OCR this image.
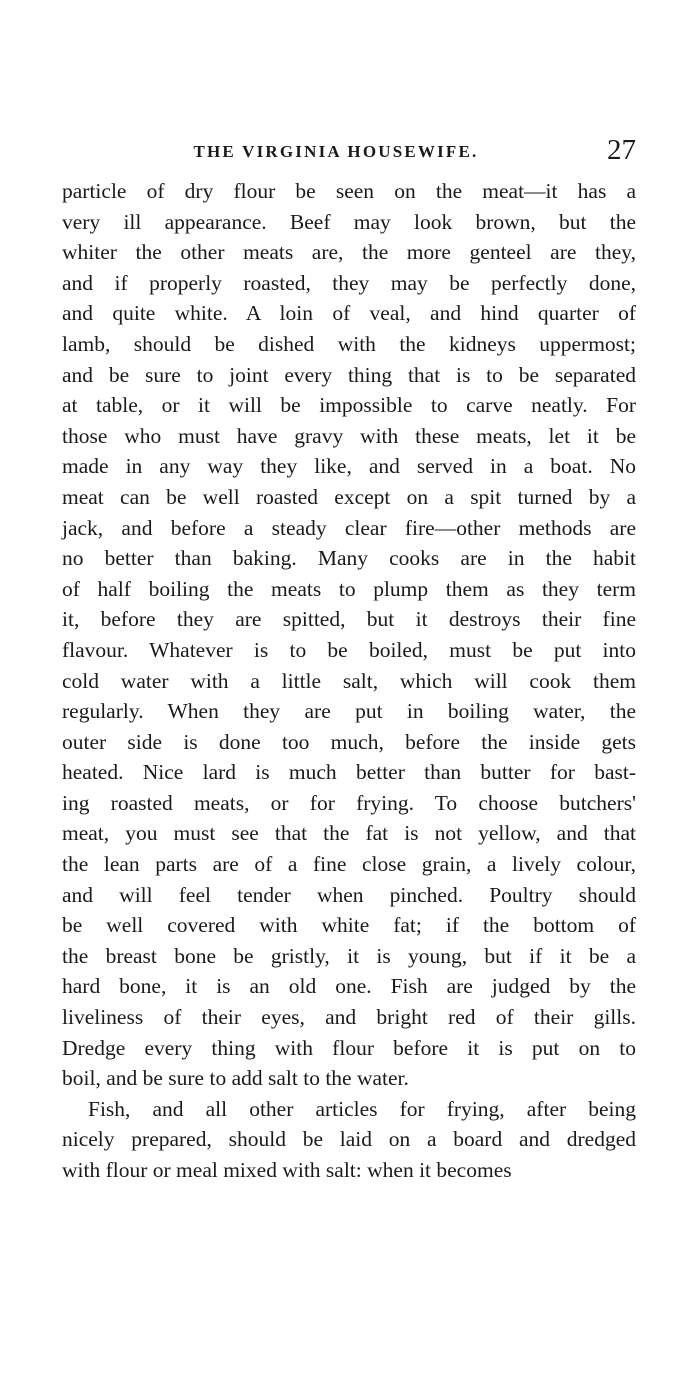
THE VIRGINIA HOUSEWIFE.	27
particle of dry flour be seen on the meat—it has a
very ill appearance. Beef may look brown, but the
whiter the other meats are, the more genteel are they,
and if properly roasted, they may be perfectly done,
and quite white. A loin of veal, and hind quarter of
lamb, should be dished with the kidneys uppermost;
and be sure to joint every thing that is to be separated
at table, or it will be impossible to carve neatly. For
those who must have gravy with these meats, let it be
made in any way they like, and served in a boat. No
meat can be well roasted except on a spit turned by a
jack, and before a steady clear fire—other methods are
no better than baking. Many cooks are in the habit
of half boiling the meats to plump them as they term
it, before they are spitted, but it destroys their fine
flavour. Whatever is to be boiled, must be put into
cold water with a little salt, which will cook them
regularly. When they are put in boiling water, the
outer side is done too much, before the inside gets
heated. Nice lard is much better than butter for bast-
ing roasted meats, or for frying. To choose butchers'
meat, you must see that the fat is not yellow, and that
the lean parts are of a fine close grain, a lively colour,
and will feel tender when pinched. Poultry should
be well covered with white fat; if the bottom of
the breast bone be gristly, it is young, but if it be a
hard bone, it is an old one. Fish are judged by the
liveliness of their eyes, and bright red of their gills.
Dredge every thing with flour before it is put on to
boil, and be sure to add salt to the water.
Fish, and all other articles for frying, after being
nicely prepared, should be laid on a board and dredged
with flour or meal mixed with salt: when it becomes
